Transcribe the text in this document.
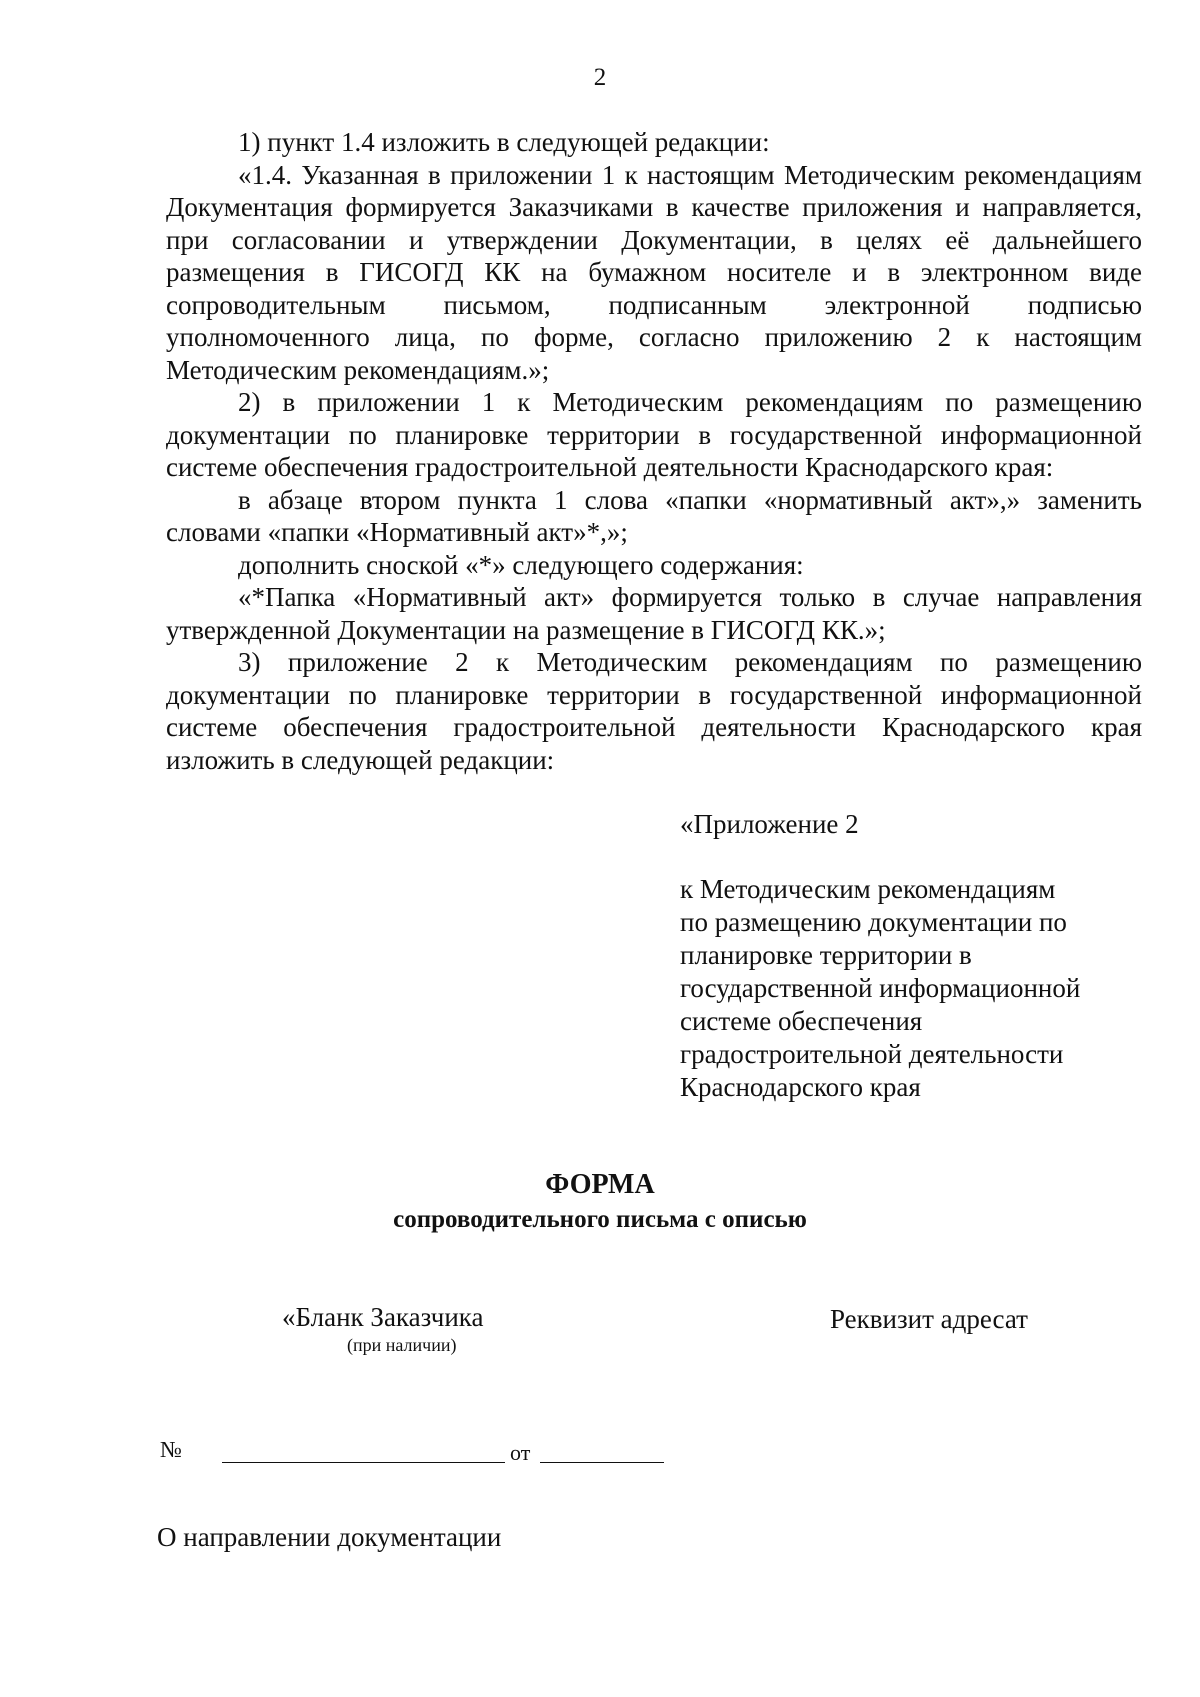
2

1) пункт 1.4 изложить в следующей редакции:

«1.4. Указанная в приложении 1 к настоящим Методическим рекомендациям Документация формируется Заказчиками в качестве приложения и направляется, при согласовании и утверждении Документации, в целях её дальнейшего размещения в ГИСОГД КК на бумажном носителе и в электронном виде сопроводительным письмом, подписанным электронной подписью уполномоченного лица, по форме, согласно приложению 2 к настоящим Методическим рекомендациям.»;

2) в приложении 1 к Методическим рекомендациям по размещению документации по планировке территории в государственной информационной системе обеспечения градостроительной деятельности Краснодарского края:

в абзаце втором пункта 1 слова «папки «нормативный акт»,» заменить словами «папки «Нормативный акт»*,»;

дополнить сноской «*» следующего содержания:

«*Папка «Нормативный акт» формируется только в случае направления утвержденной Документации на размещение в ГИСОГД КК.»;

3) приложение 2 к Методическим рекомендациям по размещению документации по планировке территории в государственной информационной системе обеспечения градостроительной деятельности Краснодарского края изложить в следующей редакции:

«Приложение 2
к Методическим рекомендациям
по размещению документации по
планировке территории в
государственной информационной
системе обеспечения
градостроительной деятельности
Краснодарского края
ФОРМА
сопроводительного письма с описью
«Бланк Заказчика
(при наличии)
Реквизит адресат
№	от
О направлении документации
